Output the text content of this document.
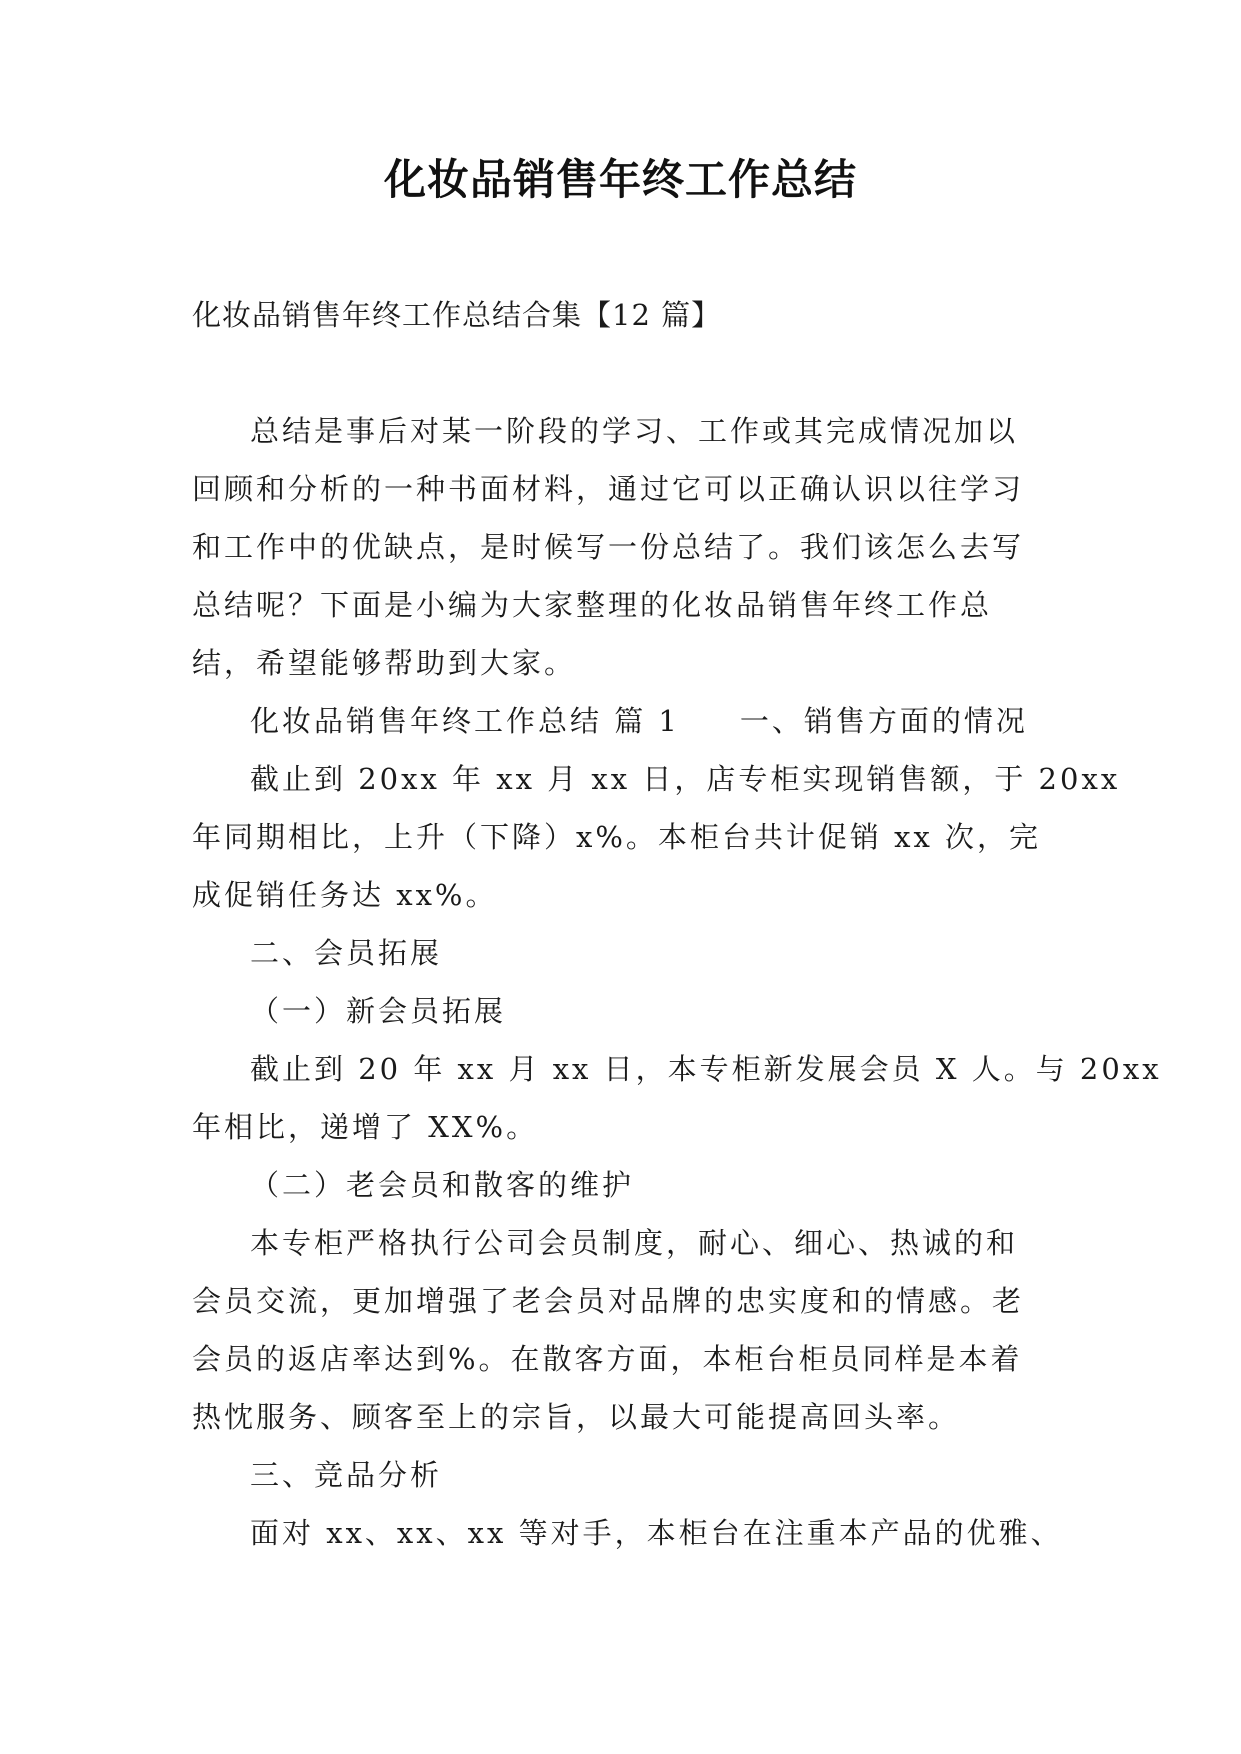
化妆品销售年终工作总结
化妆品销售年终工作总结合集【12 篇】

总结是事后对某一阶段的学习、工作或其完成情况加以

回顾和分析的一种书面材料，通过它可以正确认识以往学习

和工作中的优缺点，是时候写一份总结了。我们该怎么去写

总结呢？下面是小编为大家整理的化妆品销售年终工作总

结，希望能够帮助到大家。

化妆品销售年终工作总结 篇 1 一、销售方面的情况

截止到 20xx 年 xx 月 xx 日，店专柜实现销售额，于 20xx

年同期相比，上升（下降）x%。本柜台共计促销 xx 次，完

成促销任务达 xx%。

二、会员拓展

（一）新会员拓展

截止到 20 年 xx 月 xx 日，本专柜新发展会员 X 人。与 20xx

年相比，递增了 XX%。

（二）老会员和散客的维护

本专柜严格执行公司会员制度，耐心、细心、热诚的和

会员交流，更加增强了老会员对品牌的忠实度和的情感。老

会员的返店率达到%。在散客方面，本柜台柜员同样是本着

热忱服务、顾客至上的宗旨，以最大可能提高回头率。

三、竞品分析

面对 xx、xx、xx 等对手，本柜台在注重本产品的优雅、
